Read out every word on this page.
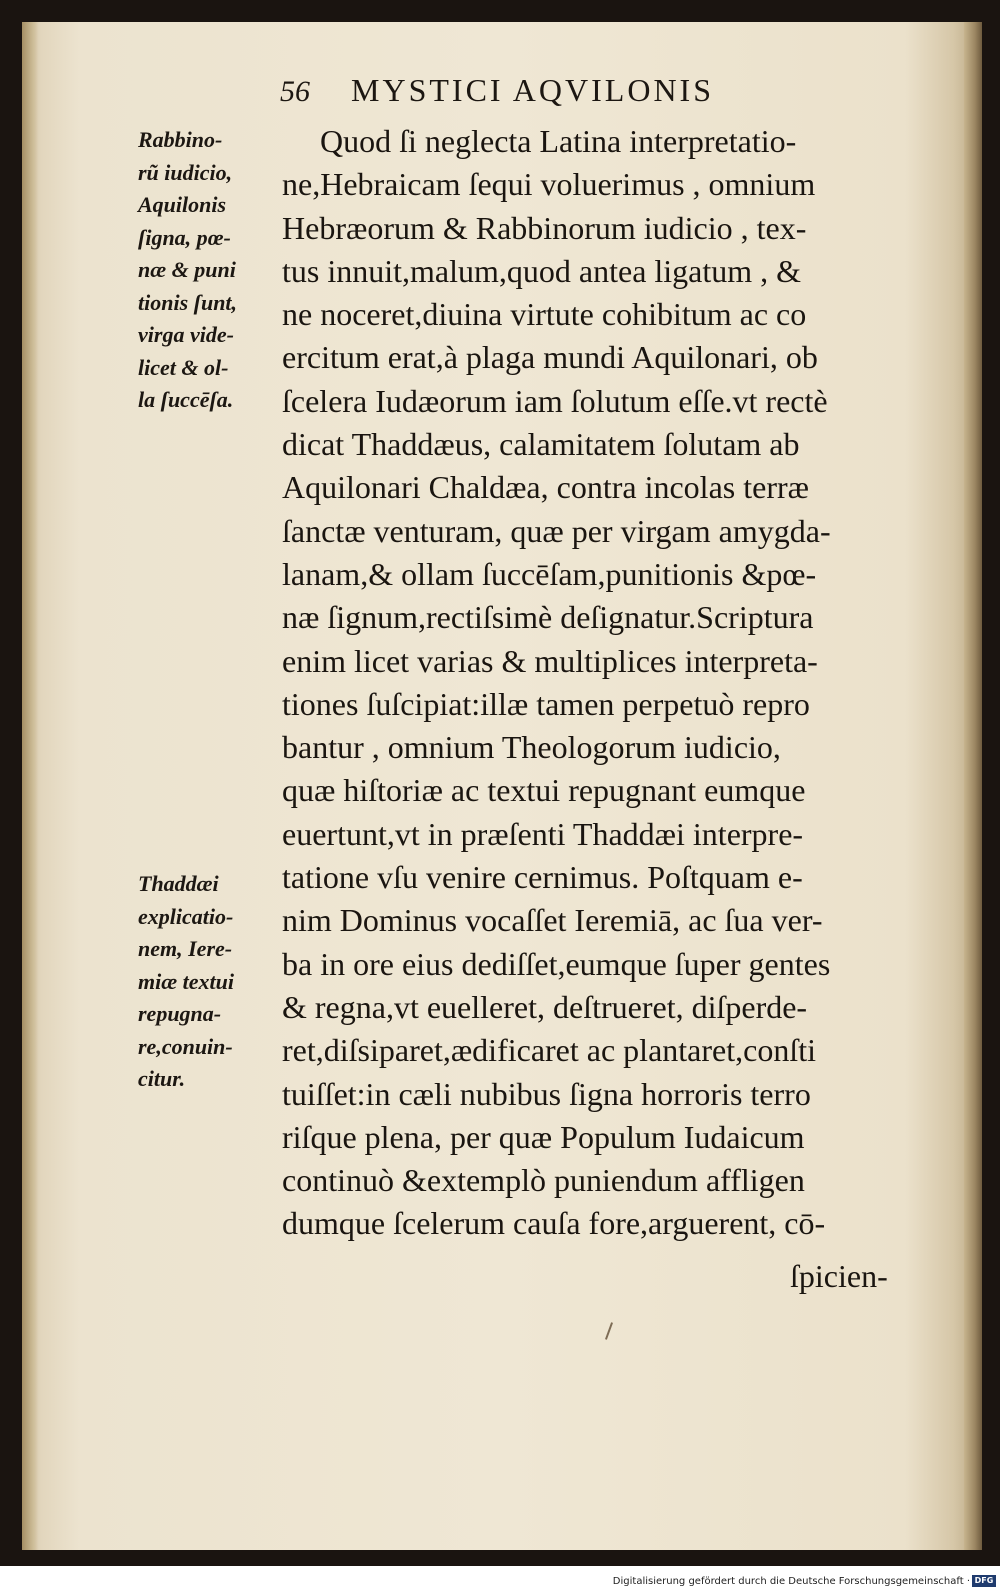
56 MYSTICI AQVILONIS
Rabbino-
rũ iudicio,
Aquilonis
ſigna, pœ-
næ & puni
tionis ſunt,
virga vide-
licet & ol-
la ſuccēſa.
Thaddæi
explicatio-
nem, Iere-
miæ textui
repugna-
re,conuin-
citur.
Quod ſi neglecta Latina interpretatio-
ne,Hebraicam ſequi voluerimus , omnium
Hebræorum & Rabbinorum iudicio , tex-
tus innuit,malum,quod antea ligatum , &
ne noceret,diuina virtute cohibitum ac co
ercitum erat,à plaga mundi Aquilonari, ob
ſcelera Iudæorum iam ſolutum eſſe.vt rectè
dicat Thaddæus, calamitatem ſolutam ab
Aquilonari Chaldæa, contra incolas terræ
ſanctæ venturam, quæ per virgam amygda-
lanam,& ollam ſuccēſam,punitionis &pœ-
næ ſignum,rectiſsimè deſignatur.Scriptura
enim licet varias & multiplices interpreta-
tiones ſuſcipiat:illæ tamen perpetuò repro
bantur , omnium Theologorum iudicio,
quæ hiſtoriæ ac textui repugnant eumque
euertunt,vt in præſenti Thaddæi interpre-
tatione vſu venire cernimus. Poſtquam e-
nim Dominus vocaſſet Ieremiā, ac ſua ver-
ba in ore eius dediſſet,eumque ſuper gentes
& regna,vt euelleret, deſtrueret, diſperde-
ret,diſsiparet,ædificaret ac plantaret,conſti
tuiſſet:in cæli nubibus ſigna horroris terro
riſque plena, per quæ Populum Iudaicum
continuò &extemplò puniendum affligen
dumque ſcelerum cauſa fore,arguerent, cō-
ſpicien-
Digitalisierung gefördert durch die Deutsche Forschungsgemeinschaft · DFG
